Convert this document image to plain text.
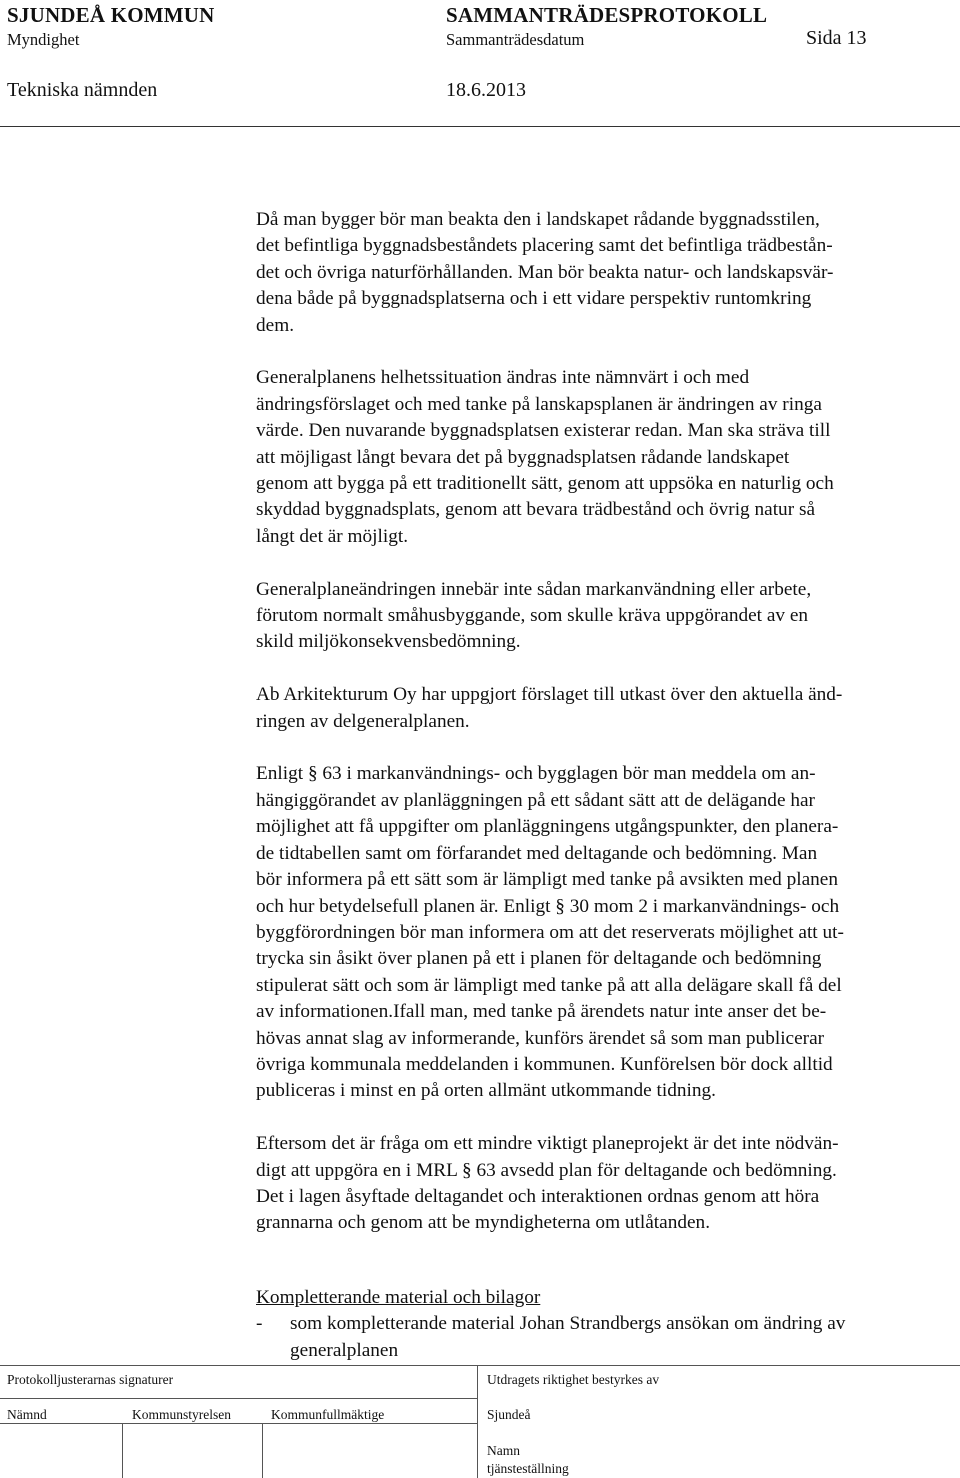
SJUNDEÅ KOMMUN	SAMMANTRÄDESPROTOKOLL
Myndighet	Sammanträdesdatum	Sida 13
Tekniska nämnden	18.6.2013

Då man bygger bör man beakta den i landskapet rådande byggnadsstilen,
det befintliga byggnadsbeståndets placering samt det befintliga trädbestån-
det och övriga naturförhållanden. Man bör beakta natur- och landskapsvär-
dena både på byggnadsplatserna och i ett vidare perspektiv runtomkring
dem.

Generalplanens helhetssituation ändras inte nämnvärt i och med
ändringsförslaget och med tanke på lanskapsplanen är ändringen av ringa
värde. Den nuvarande byggnadsplatsen existerar redan. Man ska sträva till
att möjligast långt bevara det på byggnadsplatsen rådande landskapet
genom att bygga på ett traditionellt sätt, genom att uppsöka en naturlig och
skyddad byggnadsplats, genom att bevara trädbestånd och övrig natur så
långt det är möjligt.

Generalplaneändringen innebär inte sådan markanvändning eller arbete,
förutom normalt småhusbyggande, som skulle kräva uppgörandet av en
skild miljökonsekvensbedömning.

Ab Arkitekturum Oy har uppgjort förslaget till utkast över den aktuella änd-
ringen av delgeneralplanen.

Enligt § 63 i markanvändnings- och bygglagen bör man meddela om an-
hängiggörandet av planläggningen på ett sådant sätt att de delägande har
möjlighet att få uppgifter om planläggningens utgångspunkter, den planera-
de tidtabellen samt om förfarandet med deltagande och bedömning. Man
bör informera på ett sätt som är lämpligt med tanke på avsikten med planen
och hur betydelsefull planen är. Enligt § 30 mom 2 i markanvändnings- och
byggförordningen bör man informera om att det reserverats möjlighet att ut-
trycka sin åsikt över planen på ett i planen för deltagande och bedömning
stipulerat sätt och som är lämpligt med tanke på att alla delägare skall få del
av informationen.Ifall man, med tanke på ärendets natur inte anser det be-
hövas annat slag av informerande, kunförs ärendet så som man publicerar
övriga kommunala meddelanden i kommunen. Kunförelsen bör dock alltid
publiceras i minst en på orten allmänt utkommande tidning.

Eftersom det är fråga om ett mindre viktigt planeprojekt är det inte nödvän-
digt att uppgöra en i MRL § 63 avsedd plan för deltagande och bedömning.
Det i lagen åsyftade deltagandet och interaktionen ordnas genom att höra
grannarna och genom att be myndigheterna om utlåtanden.

Kompletterande material och bilagor
- som kompletterande material Johan Strandbergs ansökan om ändring av
generalplanen
Protokolljusterarnas signaturer	Utdragets riktighet bestyrkes av
Nämnd	Kommunstyrelsen	Kommunfullmäktige	Sjundeå
Namn
tjänsteställning
